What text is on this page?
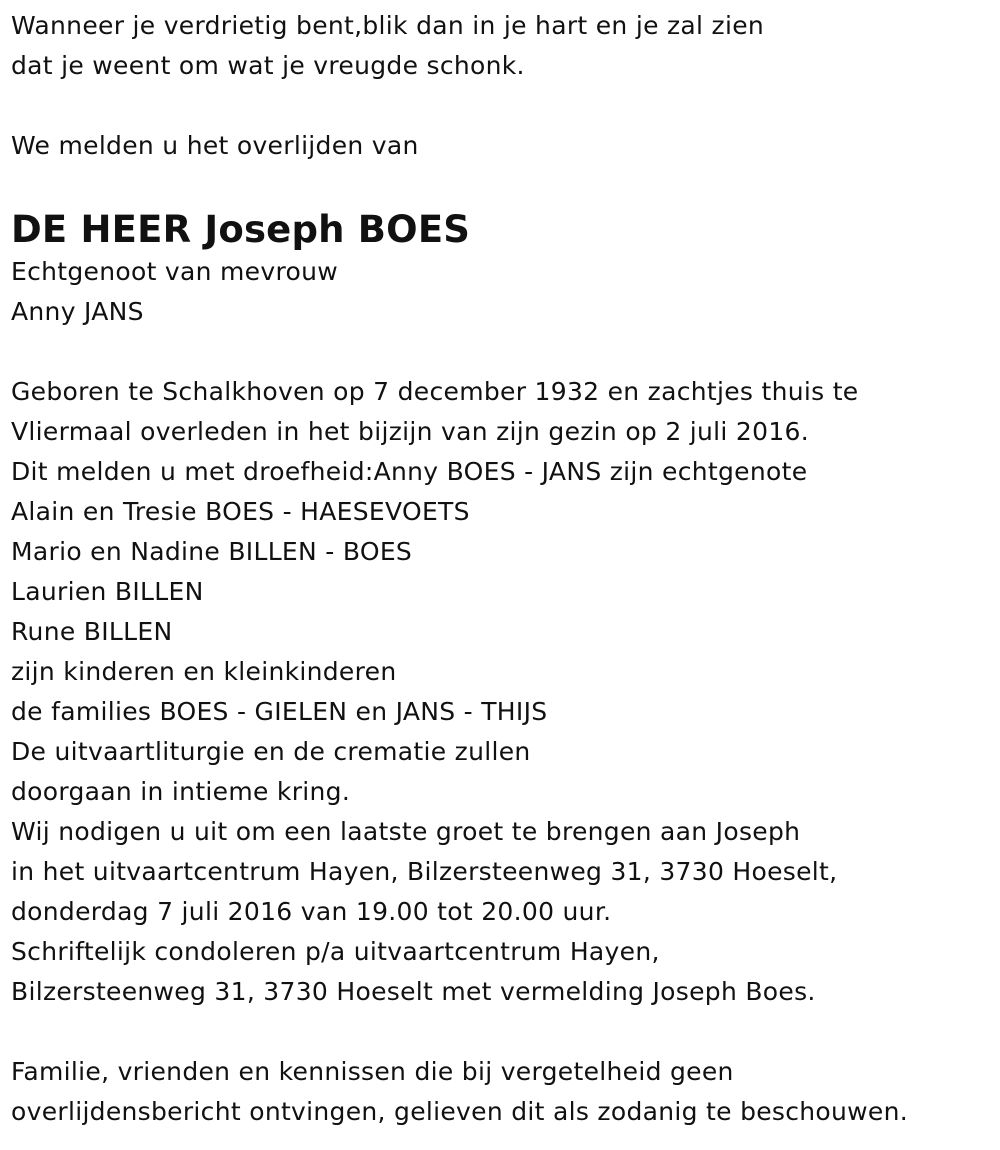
Wanneer je verdrietig bent,blik dan in je hart en je zal zien
dat je weent om wat je vreugde schonk.
We melden u het overlijden van
DE HEER Joseph BOES
Echtgenoot van mevrouw
Anny JANS
Geboren te Schalkhoven op 7 december 1932 en zachtjes thuis te
Vliermaal overleden in het bijzijn van zijn gezin op 2 juli 2016.
Dit melden u met droefheid:Anny BOES - JANS zijn echtgenote
Alain en Tresie BOES - HAESEVOETS
Mario en Nadine BILLEN - BOES
Laurien BILLEN
Rune BILLEN
zijn kinderen en kleinkinderen
de families BOES - GIELEN en JANS - THIJS
De uitvaartliturgie en de crematie zullen
doorgaan in intieme kring.
Wij nodigen u uit om een laatste groet te brengen aan Joseph
in het uitvaartcentrum Hayen, Bilzersteenweg 31, 3730 Hoeselt,
donderdag 7 juli 2016 van 19.00 tot 20.00 uur.
Schriftelijk condoleren p/a uitvaartcentrum Hayen,
Bilzersteenweg 31, 3730 Hoeselt met vermelding Joseph Boes.
Familie, vrienden en kennissen die bij vergetelheid geen
overlijdensbericht ontvingen, gelieven dit als zodanig te beschouwen.
